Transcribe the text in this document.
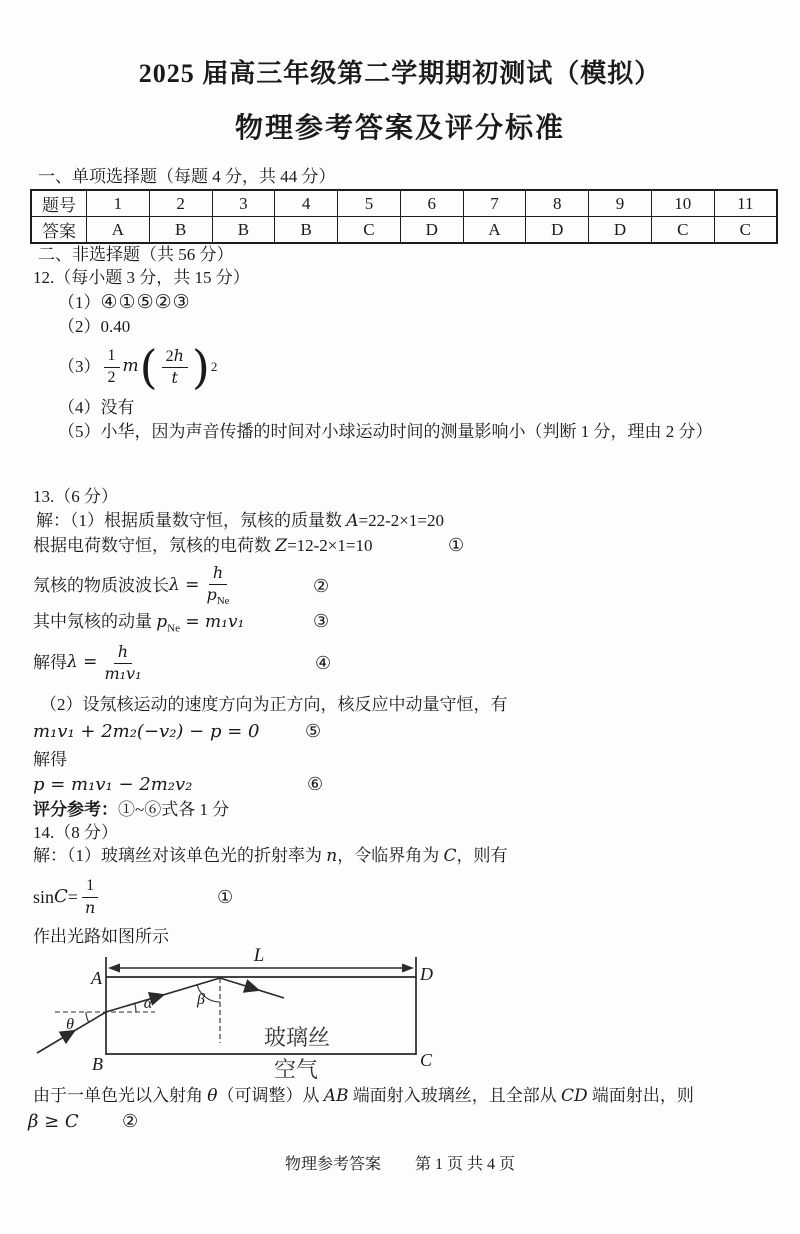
2025 届高三年级第二学期期初测试（模拟）
物理参考答案及评分标准
一、单项选择题（每题 4 分，共 44 分）
题号	1	2	3	4	5	6	7	8	9	10	11
答案	A	B	B	B	C	D	A	D	D	C	C
二、非选择题（共 56 分）
12.（每小题 3 分，共 15 分）
（1）④①⑤②③
（2）0.40
$(3) \frac{1}{2}$ m ( $\frac{2h}{t}$ ) 2
（4）没有
（5）小华，因为声音传播的时间对小球运动时间的测量影响小（判断 1 分，理由 2 分）
13.（6 分）
解：（1）根据质量数守恒，氖核的质量数 A=22-2×1=20
根据电荷数守恒，氖核的电荷数 Z=12-2×1=10	①
氖核的物质波波长 $\lambda = \frac{h}{p_{Ne}}$	②
其中氖核的动量 $p_{Ne} = m_1v_1$	③
解得 $\lambda = \frac{h}{\text{m₁v₁}}$	④
（2）设氖核运动的速度方向为正方向，核反应中动量守恒，有
m₁v₁ + 2m₂(−v₂) − p = 0	⑤
解得
p = m₁v₁ − 2m₂v₂	⑥
评分参考：①~⑥式各 1 分
14.（8 分）
解：（1）玻璃丝对该单色光的折射率为 n，令临界角为 C，则有
$\sin C = \frac{1}{n}$	①
作出光路如图所示
L
A	D
B	C
θ
α	β
玻璃丝
空气
由于一单色光以入射角 θ（可调整）从 AB 端面射入玻璃丝，且全部从 CD 端面射出，则
β ≥ C ②
物理参考答案 第 1 页 共 4 页
